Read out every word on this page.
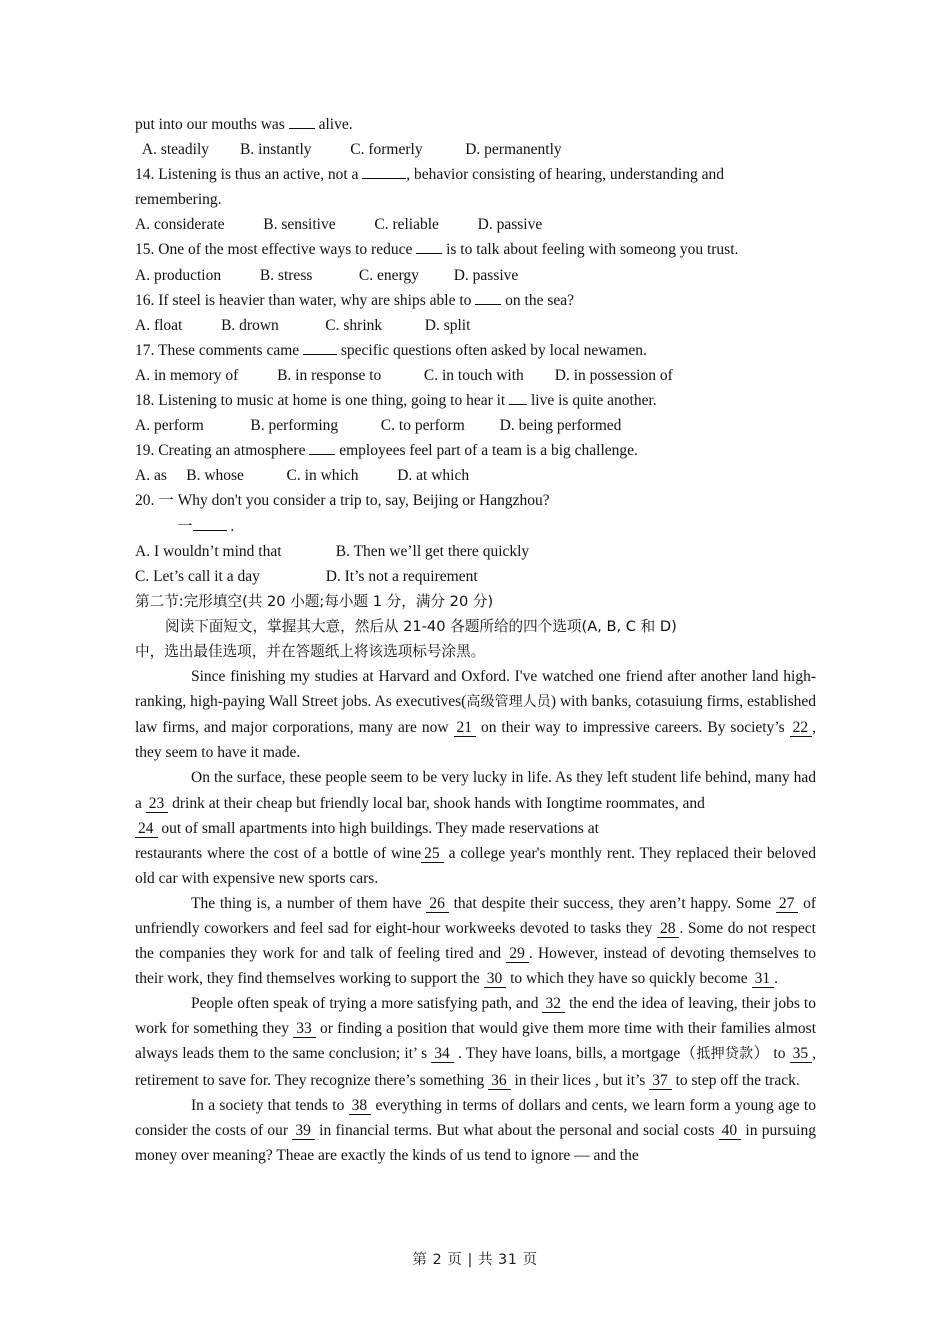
put into our mouths was  alive.
A. steadily        B. instantly          C. formerly           D. permanently
14. Listening is thus an active, not a	, behavior consisting of hearing, understanding and
remembering.
A. considerate          B. sensitive          C. reliable          D. passive
15. One of the most effective ways to reduce  is to talk about feeling with someong you trust.
A. production          B. stress            C. energy         D. passive
16. If steel is heavier than water, why are ships able to  on the sea?
A. float          B. drown            C. shrink           D. split
17. These comments came  specific questions often asked by local newamen.
A. in memory of          B. in response to           C. in touch with        D. in possession of
18. Listening to music at home is one thing, going to hear it  live is quite another.
A. perform            B. performing           C. to perform         D. being performed
19. Creating an atmosphere  employees feel part of a team is a big challenge.
A. as     B. whose           C. in which          D. at which
20. 一 Why don't you consider a trip to, say, Beijing or Hangzhou?
一 .
A. I wouldn’t mind that              B. Then we’ll get there quickly
C. Let’s call it a day                 D. It’s not a requirement
第二节:完形填空(共 20 小题;每小题 1 分，满分 20 分)
阅读下面短文，掌握其大意，然后从 21-40 各题所给的四个选项(A, B, C 和 D)
中，选出最佳选项，并在答题纸上将该选项标号涂黑。

Since finishing my studies at Harvard and Oxford. I've watched one friend after another land high-ranking, high-paying Wall Street jobs. As executives(高级管理人员) with banks, cotasuiung firms, established law firms, and major corporations, many are now 21 on their way to impressive careers. By society’s 22 , they seem to have it made.

On the surface, these people seem to be very lucky in life. As they left student life behind, many had a 23 drink at their cheap but friendly local bar, shook hands with Iongtime roommates, and

24 out of small apartments into high buildings. They made reservations at

restaurants where the cost of a bottle of wine 25 a college year's monthly rent. They replaced their beloved old car with expensive new sports cars.

The thing is, a number of them have 26 that despite their success, they aren’t happy. Some 27 of unfriendly coworkers and feel sad for eight-hour workweeks devoted to tasks they 28 . Some do not respect the companies they work for and talk of feeling tired and 29 . However, instead of devoting themselves to their work, they find themselves working to support the 30 to which they have so quickly become 31 .

People often speak of trying a more satisfying path, and 32 the end the idea of leaving, their jobs to work for something they 33 or finding a position that would give them more time with their families almost always leads them to the same conclusion; it’ s 34 . They have loans, bills, a mortgage（抵押贷款） to 35 , retirement to save for. They recognize there’s something 36 in their lices , but it’s 37 to step off the track.

In a society that tends to 38 everything in terms of dollars and cents, we learn form a young age to consider the costs of our 39 in financial terms. But what about the personal and social costs 40 in pursuing money over meaning? Theae are exactly the kinds of us tend to ignore — and the

第 2 页 | 共 31 页
